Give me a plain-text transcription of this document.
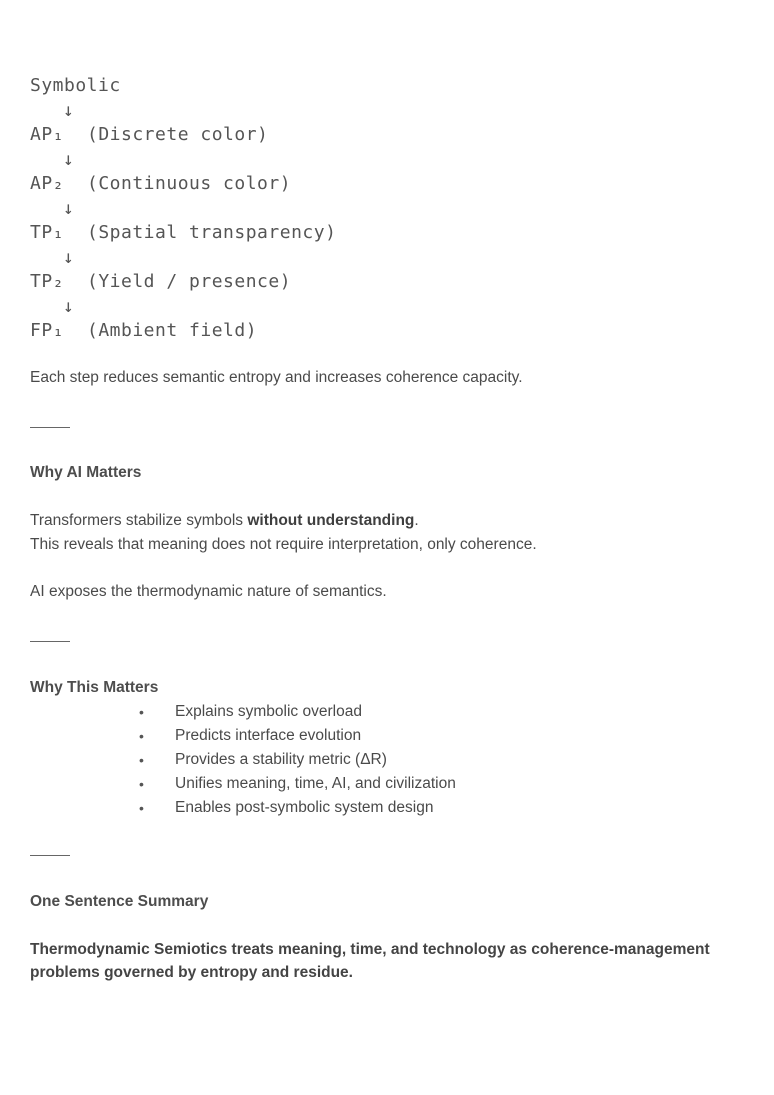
Symbolic
↓
AP₁ (Discrete color)
↓
AP₂ (Continuous color)
↓
TP₁ (Spatial transparency)
↓
TP₂ (Yield / presence)
↓
FP₁ (Ambient field)
Each step reduces semantic entropy and increases coherence capacity.
Why AI Matters
Transformers stabilize symbols without understanding.
This reveals that meaning does not require interpretation, only coherence.
AI exposes the thermodynamic nature of semantics.
Why This Matters
• Explains symbolic overload
• Predicts interface evolution
• Provides a stability metric (ΔR)
• Unifies meaning, time, AI, and civilization
• Enables post-symbolic system design
One Sentence Summary
Thermodynamic Semiotics treats meaning, time, and technology as coherence-management problems governed by entropy and residue.
